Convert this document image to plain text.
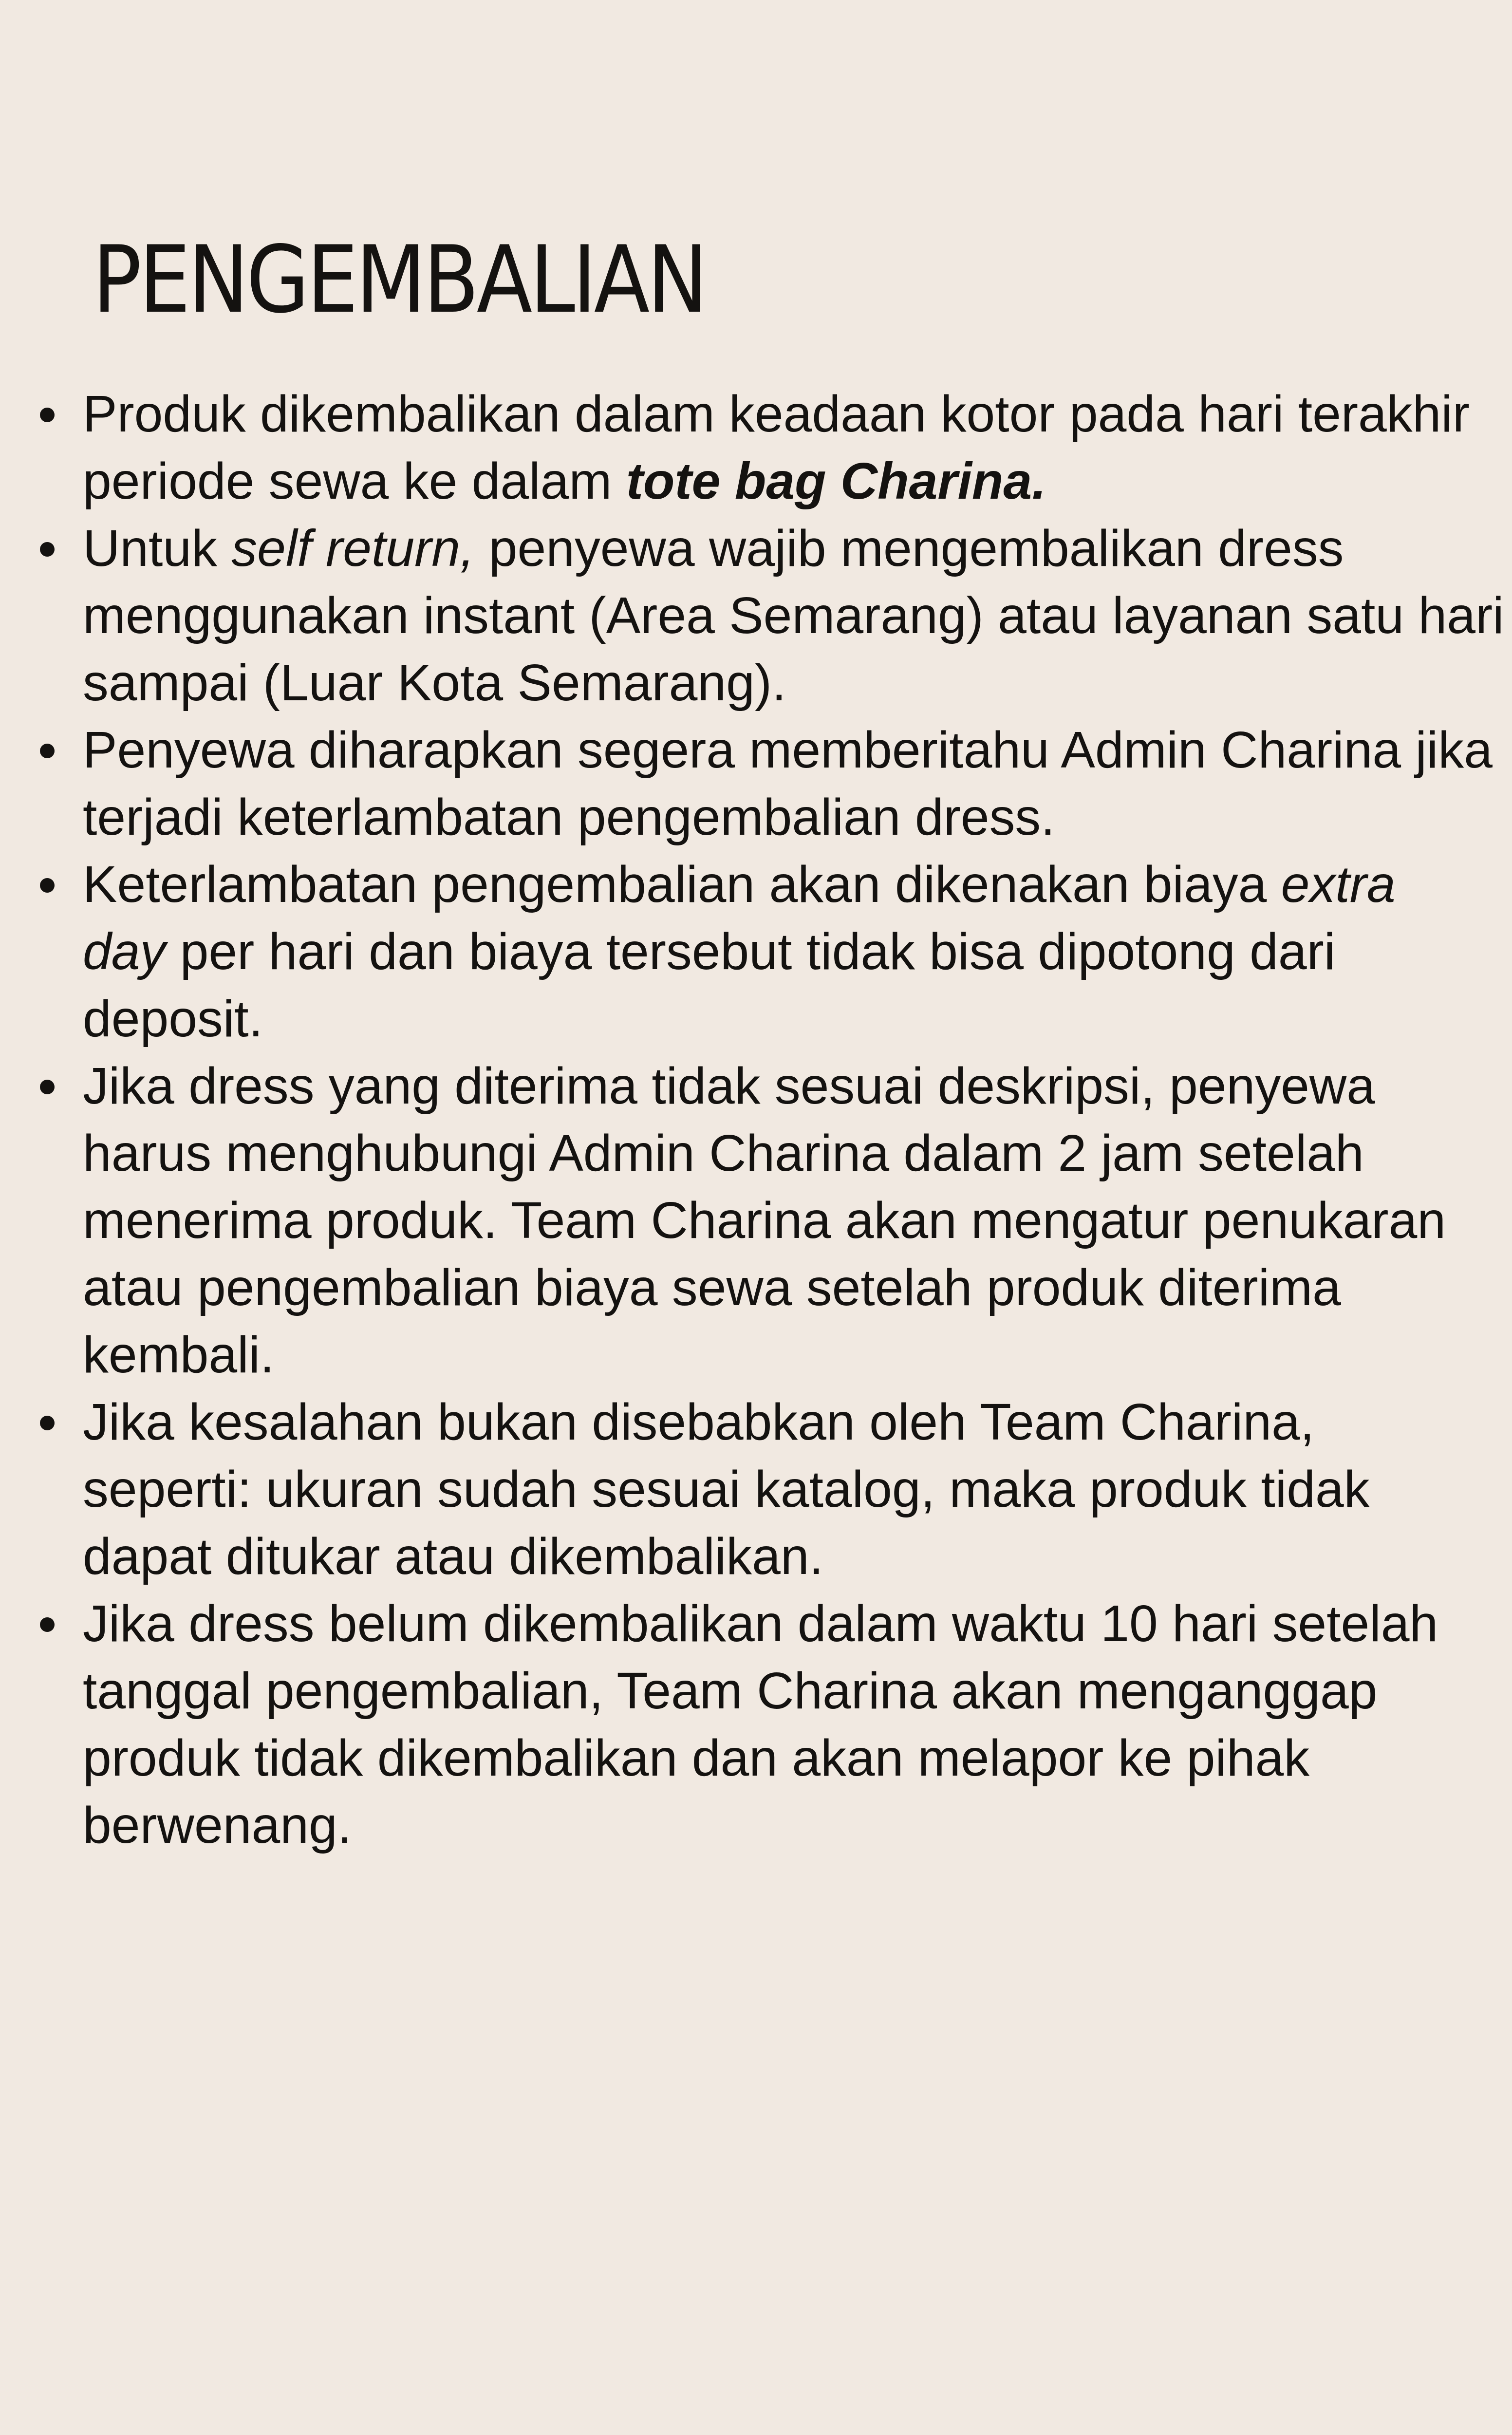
PENGEMBALIAN
Produk dikembalikan dalam keadaan kotor pada hari terakhir
periode sewa ke dalam tote bag Charina.
Untuk self return, penyewa wajib mengembalikan dress
menggunakan instant (Area Semarang) atau layanan satu hari
sampai (Luar Kota Semarang).
Penyewa diharapkan segera memberitahu Admin Charina jika
terjadi keterlambatan pengembalian dress.
Keterlambatan pengembalian akan dikenakan biaya extra
day per hari dan biaya tersebut tidak bisa dipotong dari
deposit.
Jika dress yang diterima tidak sesuai deskripsi, penyewa
harus menghubungi Admin Charina dalam 2 jam setelah
menerima produk. Team Charina akan mengatur penukaran
atau pengembalian biaya sewa setelah produk diterima
kembali.
Jika kesalahan bukan disebabkan oleh Team Charina,
seperti: ukuran sudah sesuai katalog, maka produk tidak
dapat ditukar atau dikembalikan.
Jika dress belum dikembalikan dalam waktu 10 hari setelah
tanggal pengembalian, Team Charina akan menganggap
produk tidak dikembalikan dan akan melapor ke pihak
berwenang.
